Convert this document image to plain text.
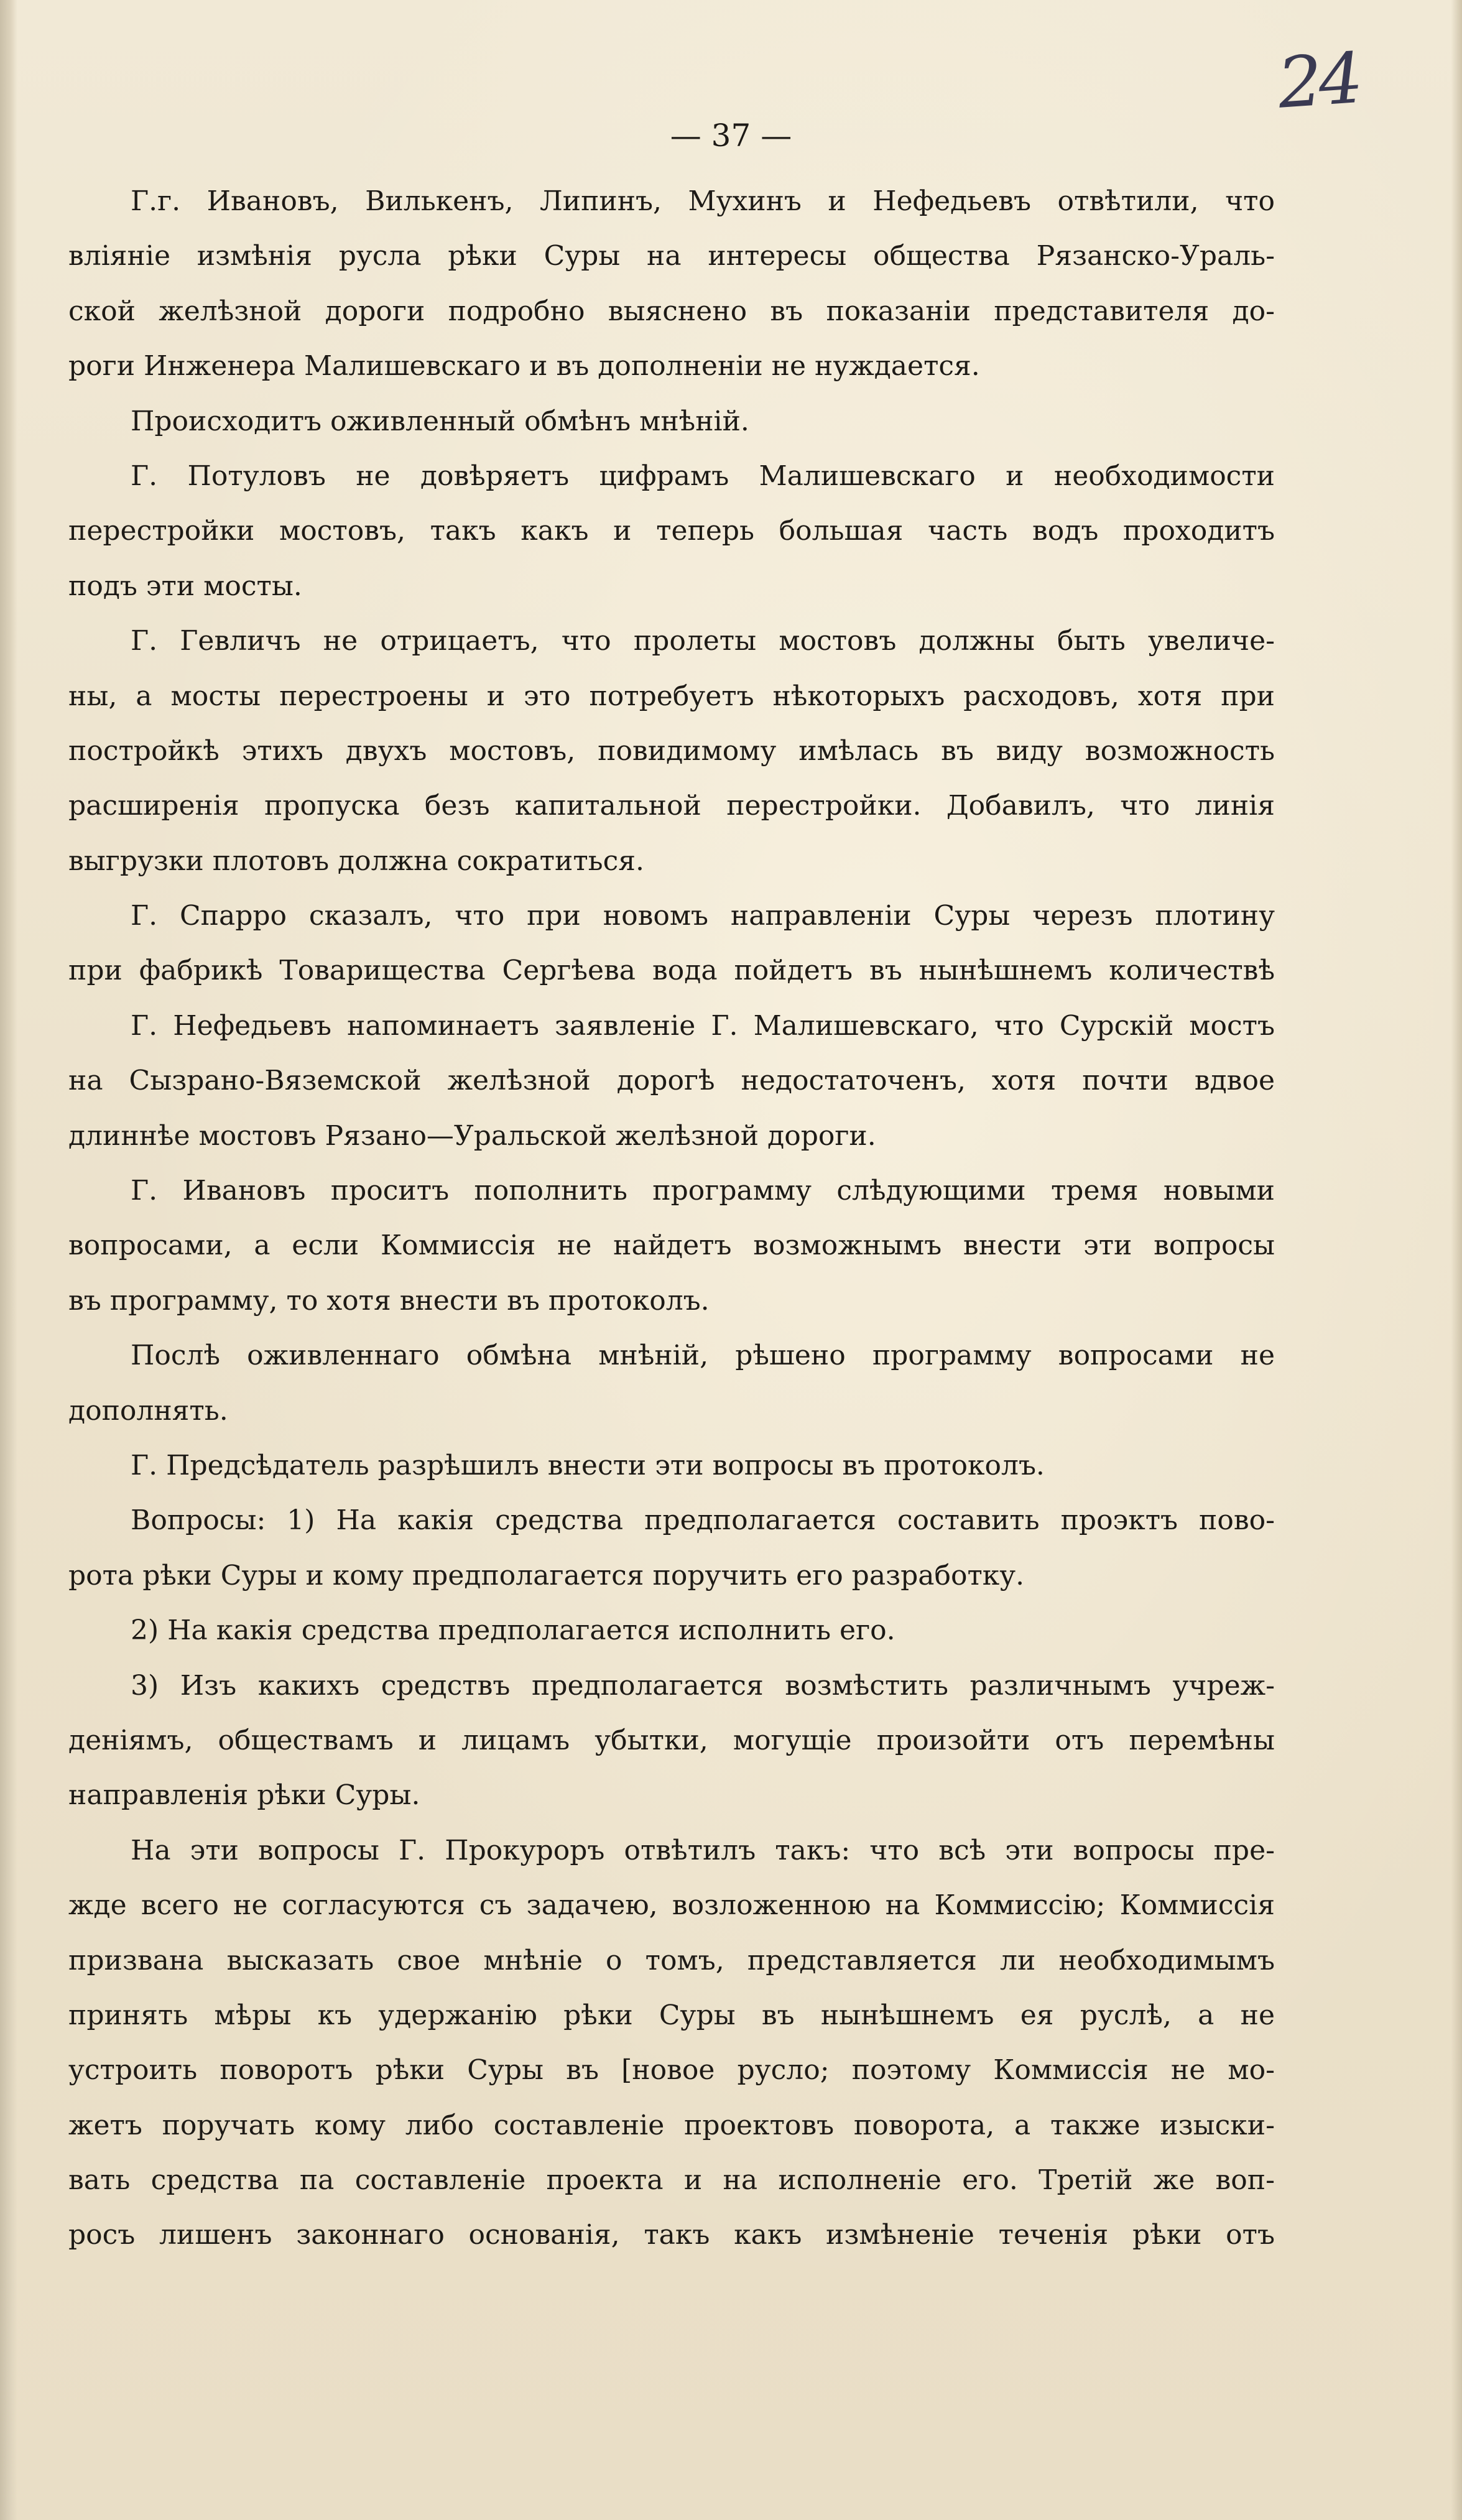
24
— 37 —
Г.г. Ивановъ, Вилькенъ, Липинъ, Мухинъ и Нефедьевъ отвѣтили, что
вліяніе измѣнія русла рѣки Суры на интересы общества Рязанско-Ураль-
ской желѣзной дороги подробно выяснено въ показаніи представителя до-
роги Инженера Малишевскаго и въ дополненіи не нуждается.
Происходитъ оживленный обмѣнъ мнѣній.
Г. Потуловъ не довѣряетъ цифрамъ Малишевскаго и необходимости
перестройки мостовъ, такъ какъ и теперь большая часть водъ проходитъ
подъ эти мосты.
Г. Гевличъ не отрицаетъ, что пролеты мостовъ должны быть увеличе-
ны, а мосты перестроены и это потребуетъ нѣкоторыхъ расходовъ, хотя при
постройкѣ этихъ двухъ мостовъ, повидимому имѣлась въ виду возможность
расширенія пропуска безъ капитальной перестройки. Добавилъ, что линія
выгрузки плотовъ должна сократиться.
Г. Спарро сказалъ, что при новомъ направленіи Суры черезъ плотину
при фабрикѣ Товарищества Сергѣева вода пойдетъ въ нынѣшнемъ количествѣ
Г. Нефедьевъ напоминаетъ заявленіе Г. Малишевскаго, что Сурскій мостъ
на Сызрано-Вяземской желѣзной дорогѣ недостаточенъ, хотя почти вдвое
длиннѣе мостовъ Рязано—Уральской желѣзной дороги.
Г. Ивановъ проситъ пополнить программу слѣдующими тремя новыми
вопросами, а если Коммиссія не найдетъ возможнымъ внести эти вопросы
въ программу, то хотя внести въ протоколъ.
Послѣ оживленнаго обмѣна мнѣній, рѣшено программу вопросами не
дополнять.
Г. Предсѣдатель разрѣшилъ внести эти вопросы въ протоколъ.
Вопросы: 1) На какія средства предполагается составить проэктъ пово-
рота рѣки Суры и кому предполагается поручить его разработку.
2) На какія средства предполагается исполнить его.
3) Изъ какихъ средствъ предполагается возмѣстить различнымъ учреж-
деніямъ, обществамъ и лицамъ убытки, могущіе произойти отъ перемѣны
направленія рѣки Суры.
На эти вопросы Г. Прокуроръ отвѣтилъ такъ: что всѣ эти вопросы пре-
жде всего не согласуются съ задачею, возложенною на Коммиссію; Коммиссія
призвана высказать свое мнѣніе о томъ, представляется ли необходимымъ
принять мѣры къ удержанію рѣки Суры въ нынѣшнемъ ея руслѣ, а не
устроить поворотъ рѣки Суры въ [новое русло; поэтому Коммиссія не мо-
жетъ поручать кому либо составленіе проектовъ поворота, а также изыски-
вать средства па составленіе проекта и на исполненіе его. Третій же воп-
росъ лишенъ законнаго основанія, такъ какъ измѣненіе теченія рѣки отъ
